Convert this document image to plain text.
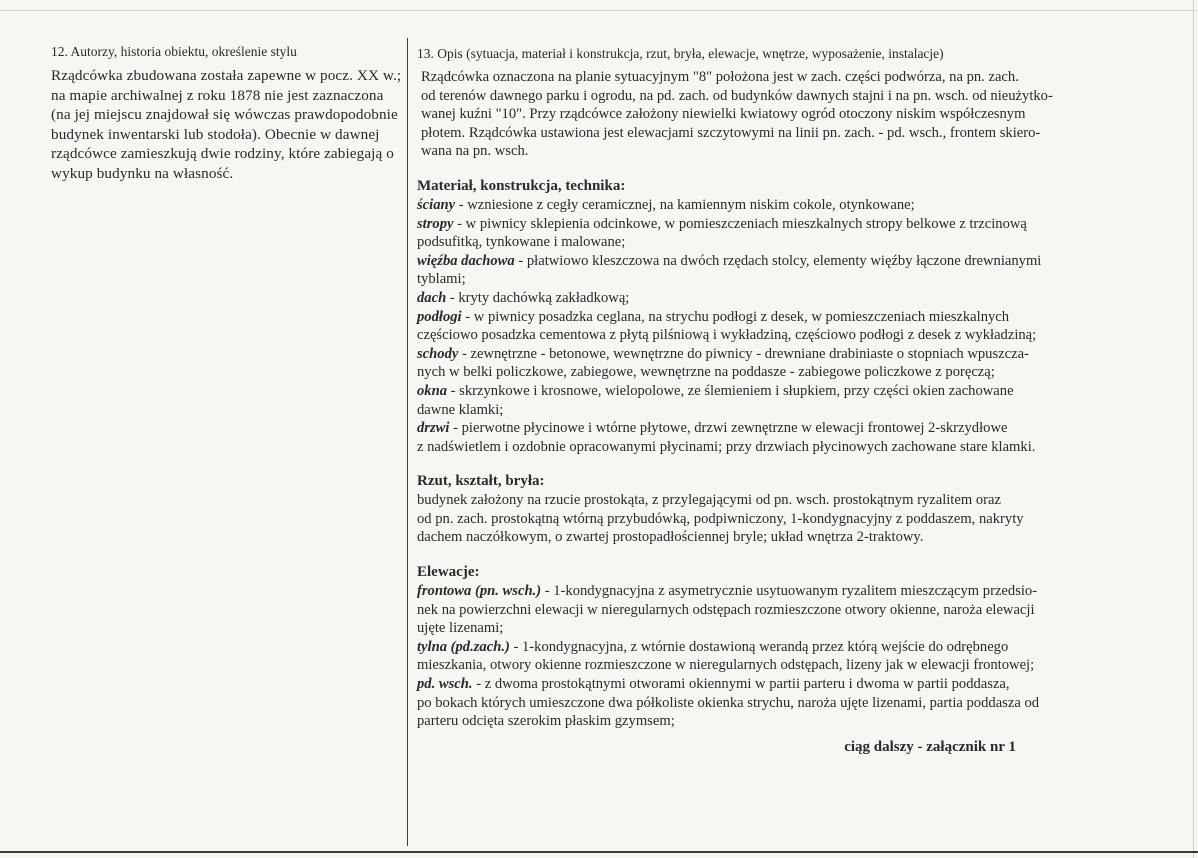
12. Autorzy, historia obiektu, określenie stylu

Rządcówka zbudowana została zapewne w pocz. XX w.; na mapie archiwalnej z roku 1878 nie jest zaznaczona (na jej miejscu znajdował się wówczas prawdopodobnie budynek inwentarski lub stodoła). Obecnie w dawnej rządcówce zamieszkują dwie rodziny, które zabiegają o wykup budynku na własność.

13. Opis (sytuacja, materiał i konstrukcja, rzut, bryła, elewacje, wnętrze, wyposażenie, instalacje)

Rządcówka oznaczona na planie sytuacyjnym "8" położona jest w zach. części podwórza, na pn. zach.
od terenów dawnego parku i ogrodu, na pd. zach. od budynków dawnych stajni i na pn. wsch. od nieużytko-
wanej kuźni "10". Przy rządcówce założony niewielki kwiatowy ogród otoczony niskim współczesnym
płotem. Rządcówka ustawiona jest elewacjami szczytowymi na linii pn. zach. - pd. wsch., frontem skiero-
wana na pn. wsch.

Materiał, konstrukcja, technika:

ściany - wzniesione z cegły ceramicznej, na kamiennym niskim cokole, otynkowane;
stropy - w piwnicy sklepienia odcinkowe, w pomieszczeniach mieszkalnych stropy belkowe z trzcinową
podsufitką, tynkowane i malowane;
więźba dachowa - płatwiowo kleszczowa na dwóch rzędach stolcy, elementy więźby łączone drewnianymi
tyblami;
dach - kryty dachówką zakładkową;
podłogi - w piwnicy posadzka ceglana, na strychu podłogi z desek, w pomieszczeniach mieszkalnych
częściowo posadzka cementowa z płytą pilśniową i wykładziną, częściowo podłogi z desek z wykładziną;
schody - zewnętrzne - betonowe, wewnętrzne do piwnicy - drewniane drabiniaste o stopniach wpuszcza-
nych w belki policzkowe, zabiegowe, wewnętrzne na poddasze - zabiegowe policzkowe z poręczą;
okna - skrzynkowe i krosnowe, wielopolowe, ze ślemieniem i słupkiem, przy części okien zachowane
dawne klamki;
drzwi - pierwotne płycinowe i wtórne płytowe, drzwi zewnętrzne w elewacji frontowej 2-skrzydłowe
z nadświetlem i ozdobnie opracowanymi płycinami; przy drzwiach płycinowych zachowane stare klamki.

Rzut, kształt, bryła:

budynek założony na rzucie prostokąta, z przylegającymi od pn. wsch. prostokątnym ryzalitem oraz
od pn. zach. prostokątną wtórną przybudówką, podpiwniczony, 1-kondygnacyjny z poddaszem, nakryty
dachem naczółkowym, o zwartej prostopadłościennej bryle; układ wnętrza 2-traktowy.

Elewacje:

frontowa (pn. wsch.) - 1-kondygnacyjna z asymetrycznie usytuowanym ryzalitem mieszczącym przedsio-
nek na powierzchni elewacji w nieregularnych odstępach rozmieszczone otwory okienne, naroża elewacji
ujęte lizenami;
tylna (pd.zach.) - 1-kondygnacyjna, z wtórnie dostawioną werandą przez którą wejście do odrębnego
mieszkania, otwory okienne rozmieszczone w nieregularnych odstępach, lizeny jak w elewacji frontowej;
pd. wsch. - z dwoma prostokątnymi otworami okiennymi w partii parteru i dwoma w partii poddasza,
po bokach których umieszczone dwa półkoliste okienka strychu, naroża ujęte lizenami, partia poddasza od
parteru odcięta szerokim płaskim gzymsem;

ciąg dalszy - załącznik nr 1
